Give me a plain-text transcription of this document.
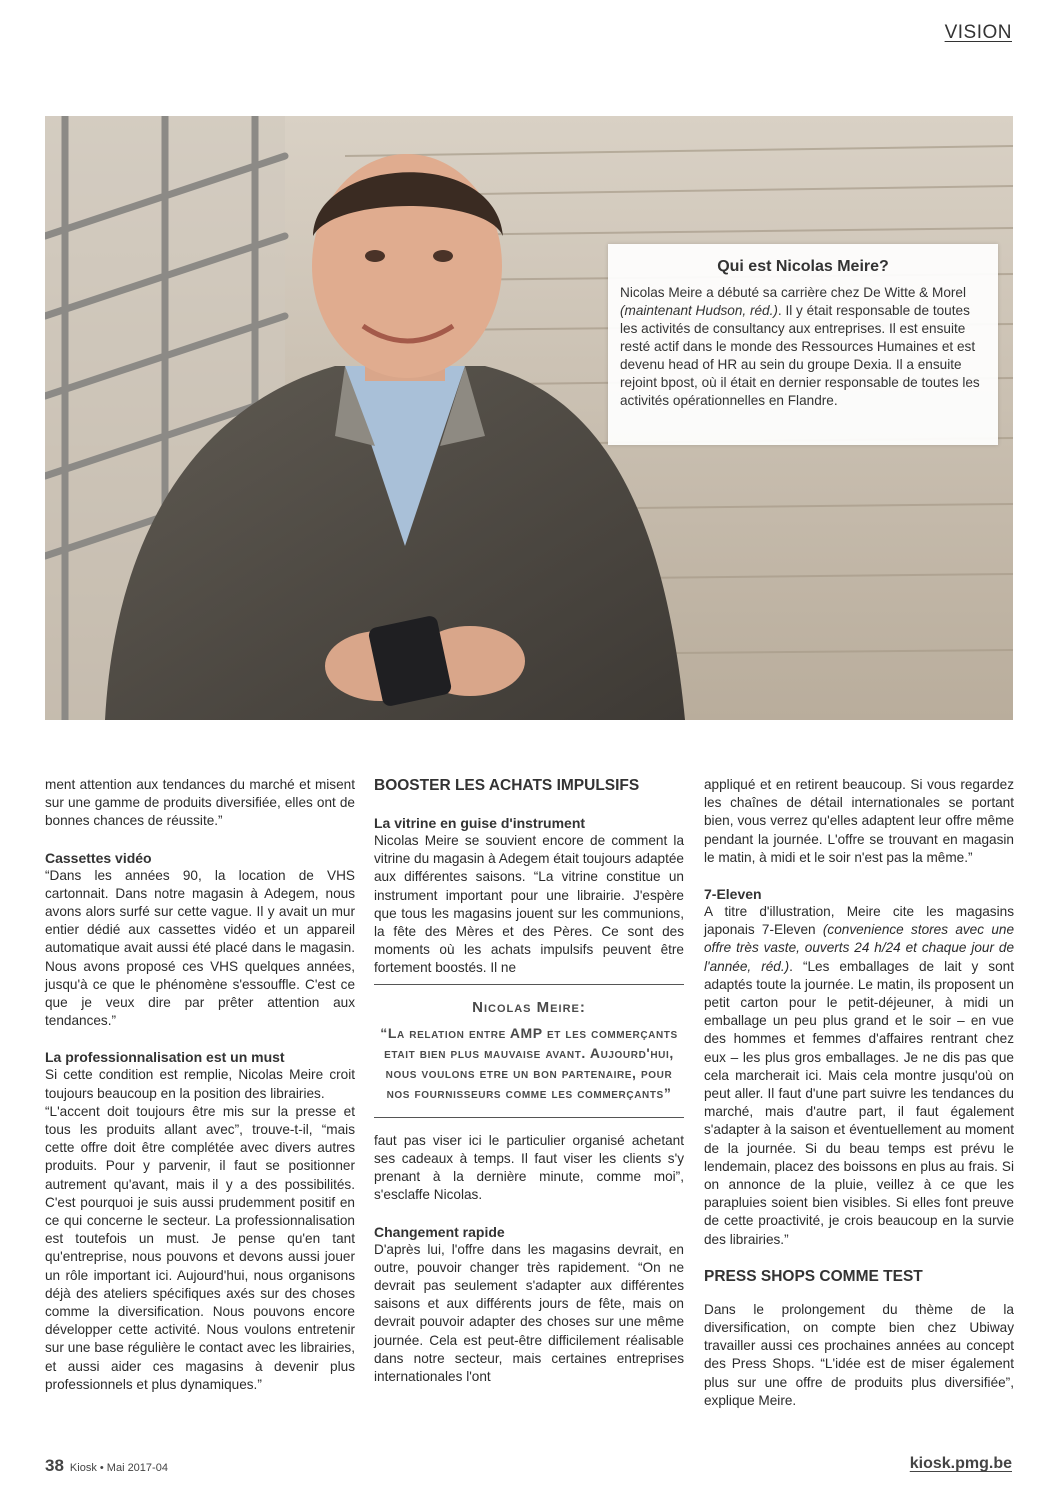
VISION
Qui est Nicolas Meire?

Nicolas Meire a débuté sa carrière chez De Witte & Morel (maintenant Hudson, réd.). Il y était responsable de toutes les activités de consultancy aux entreprises. Il est ensuite resté actif dans le monde des Ressources Humaines et est devenu head of HR au sein du groupe Dexia. Il a ensuite rejoint bpost, où il était en dernier responsable de toutes les activités opérationnelles en Flandre.

ment attention aux tendances du marché et misent sur une gamme de produits diversifiée, elles ont de bonnes chances de réussite.”

Cassettes vidéo

“Dans les années 90, la location de VHS cartonnait. Dans notre magasin à Adegem, nous avons alors surfé sur cette vague. Il y avait un mur entier dédié aux cassettes vidéo et un appareil automatique avait aussi été placé dans le magasin. Nous avons proposé ces VHS quelques années, jusqu'à ce que le phénomène s'essouffle. C'est ce que je veux dire par prêter attention aux tendances.”

La professionnalisation est un must

Si cette condition est remplie, Nicolas Meire croit toujours beaucoup en la position des librairies.

“L'accent doit toujours être mis sur la presse et tous les produits allant avec”, trouve-t-il, “mais cette offre doit être complétée avec divers autres produits. Pour y parvenir, il faut se positionner autrement qu'avant, mais il y a des possibilités. C'est pourquoi je suis aussi prudemment positif en ce qui concerne le secteur. La professionnalisation est toutefois un must. Je pense qu'en tant qu'entreprise, nous pouvons et devons aussi jouer un rôle important ici. Aujourd'hui, nous organisons déjà des ateliers spécifiques axés sur des choses comme la diversification. Nous pouvons encore développer cette activité. Nous voulons entretenir sur une base régulière le contact avec les librairies, et aussi aider ces magasins à devenir plus professionnels et plus dynamiques.”

BOOSTER LES ACHATS IMPULSIFS
La vitrine en guise d'instrument

Nicolas Meire se souvient encore de comment la vitrine du magasin à Adegem était toujours adaptée aux différentes saisons. “La vitrine constitue un instrument important pour une librairie. J'espère que tous les magasins jouent sur les communions, la fête des Mères et des Pères. Ce sont des moments où les achats impulsifs peuvent être fortement boostés. Il ne

Nicolas Meire:
“La relation entre AMP et les commerçants etait bien plus mauvaise avant. Aujourd'hui, nous voulons etre un bon partenaire, pour nos fournisseurs comme les commerçants”

faut pas viser ici le particulier organisé achetant ses cadeaux à temps. Il faut viser les clients s'y prenant à la dernière minute, comme moi”, s'esclaffe Nicolas.

Changement rapide

D'après lui, l'offre dans les magasins devrait, en outre, pouvoir changer très rapidement. “On ne devrait pas seulement s'adapter aux différentes saisons et aux différents jours de fête, mais on devrait pouvoir adapter des choses sur une même journée. Cela est peut-être difficilement réalisable dans notre secteur, mais certaines entreprises internationales l'ont

appliqué et en retirent beaucoup. Si vous regardez les chaînes de détail internationales se portant bien, vous verrez qu'elles adaptent leur offre même pendant la journée. L'offre se trouvant en magasin le matin, à midi et le soir n'est pas la même.”

7-Eleven

A titre d'illustration, Meire cite les magasins japonais 7-Eleven (convenience stores avec une offre très vaste, ouverts 24 h/24 et chaque jour de l'année, réd.). “Les emballages de lait y sont adaptés toute la journée. Le matin, ils proposent un petit carton pour le petit-déjeuner, à midi un emballage un peu plus grand et le soir – en vue des hommes et femmes d'affaires rentrant chez eux – les plus gros emballages. Je ne dis pas que cela marcherait ici. Mais cela montre jusqu'où on peut aller. Il faut d'une part suivre les tendances du marché, mais d'autre part, il faut également s'adapter à la saison et éventuellement au moment de la journée. Si du beau temps est prévu le lendemain, placez des boissons en plus au frais. Si on annonce de la pluie, veillez à ce que les parapluies soient bien visibles. Si elles font preuve de cette proactivité, je crois beaucoup en la survie des librairies.”

PRESS SHOPS COMME TEST

Dans le prolongement du thème de la diversification, on compte bien chez Ubiway travailler aussi ces prochaines années au concept des Press Shops. “L'idée est de miser également plus sur une offre de produits plus diversifiée”, explique Meire.

38 Kiosk • Mai 2017-04	kiosk.pmg.be
